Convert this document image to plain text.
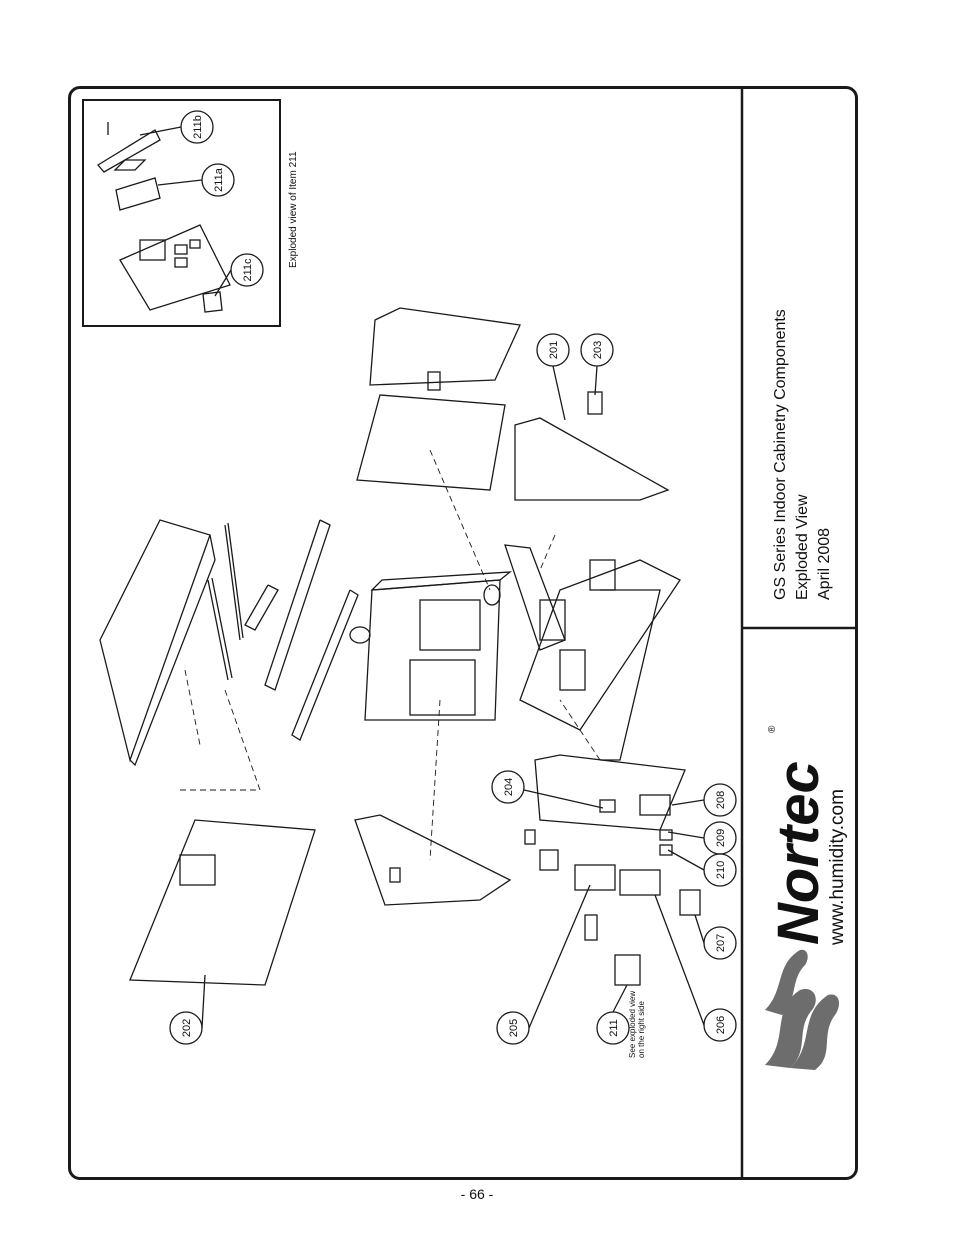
211b
211a
211c
201	203
204
208
209
210
207
206
211
205
202
Nortec
®
Exploded view of Item 211
See exploded view on the right side
GS Series Indoor Cabinetry Components Exploded View April 2008
www.humidity.com
- 66 -
